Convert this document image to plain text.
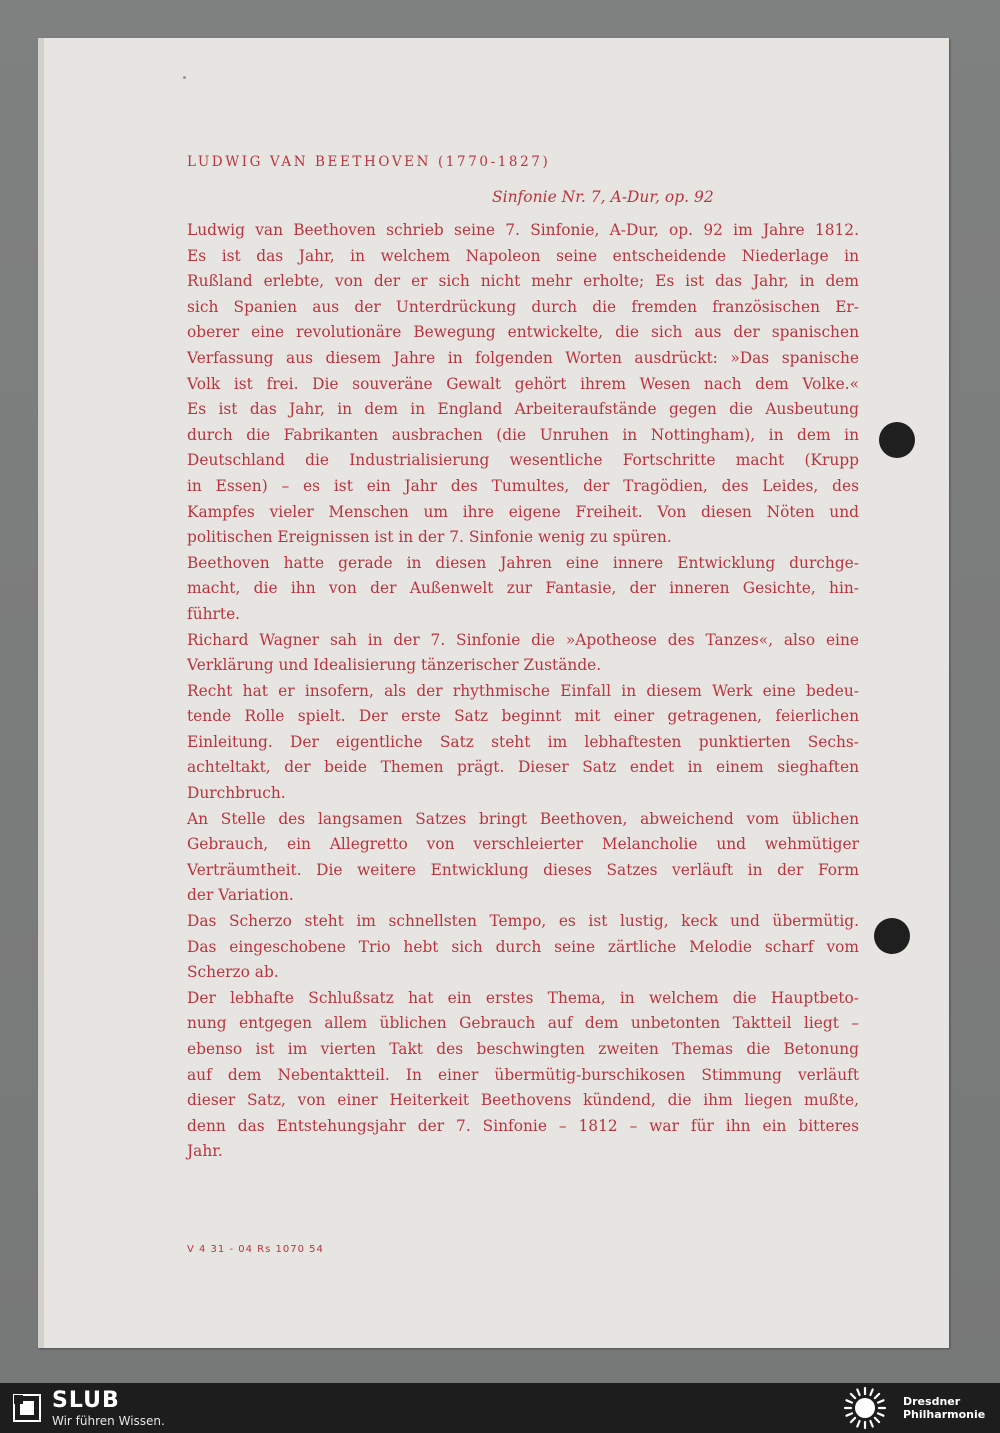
LUDWIG VAN BEETHOVEN (1770-1827)
Sinfonie Nr. 7, A-Dur, op. 92
Ludwig van Beethoven schrieb seine 7. Sinfonie, A-Dur, op. 92 im Jahre 1812.
Es ist das Jahr, in welchem Napoleon seine entscheidende Niederlage in
Rußland erlebte, von der er sich nicht mehr erholte; Es ist das Jahr, in dem
sich Spanien aus der Unterdrückung durch die fremden französischen Er-
oberer eine revolutionäre Bewegung entwickelte, die sich aus der spanischen
Verfassung aus diesem Jahre in folgenden Worten ausdrückt: »Das spanische
Volk ist frei. Die souveräne Gewalt gehört ihrem Wesen nach dem Volke.«
Es ist das Jahr, in dem in England Arbeiteraufstände gegen die Ausbeutung
durch die Fabrikanten ausbrachen (die Unruhen in Nottingham), in dem in
Deutschland die Industrialisierung wesentliche Fortschritte macht (Krupp
in Essen) – es ist ein Jahr des Tumultes, der Tragödien, des Leides, des
Kampfes vieler Menschen um ihre eigene Freiheit. Von diesen Nöten und
politischen Ereignissen ist in der 7. Sinfonie wenig zu spüren.
Beethoven hatte gerade in diesen Jahren eine innere Entwicklung durchge-
macht, die ihn von der Außenwelt zur Fantasie, der inneren Gesichte, hin-
führte.
Richard Wagner sah in der 7. Sinfonie die »Apotheose des Tanzes«, also eine
Verklärung und Idealisierung tänzerischer Zustände.
Recht hat er insofern, als der rhythmische Einfall in diesem Werk eine bedeu-
tende Rolle spielt. Der erste Satz beginnt mit einer getragenen, feierlichen
Einleitung. Der eigentliche Satz steht im lebhaftesten punktierten Sechs-
achteltakt, der beide Themen prägt. Dieser Satz endet in einem sieghaften
Durchbruch.
An Stelle des langsamen Satzes bringt Beethoven, abweichend vom üblichen
Gebrauch, ein Allegretto von verschleierter Melancholie und wehmütiger
Verträumtheit. Die weitere Entwicklung dieses Satzes verläuft in der Form
der Variation.
Das Scherzo steht im schnellsten Tempo, es ist lustig, keck und übermütig.
Das eingeschobene Trio hebt sich durch seine zärtliche Melodie scharf vom
Scherzo ab.
Der lebhafte Schlußsatz hat ein erstes Thema, in welchem die Hauptbeto-
nung entgegen allem üblichen Gebrauch auf dem unbetonten Taktteil liegt –
ebenso ist im vierten Takt des beschwingten zweiten Themas die Betonung
auf dem Nebentaktteil. In einer übermütig-burschikosen Stimmung verläuft
dieser Satz, von einer Heiterkeit Beethovens kündend, die ihm liegen mußte,
denn das Entstehungsjahr der 7. Sinfonie – 1812 – war für ihn ein bitteres
Jahr.
V 4 31 - 04 Rs 1070 54
SLUB
Wir führen Wissen.
Dresdner
Philharmonie
